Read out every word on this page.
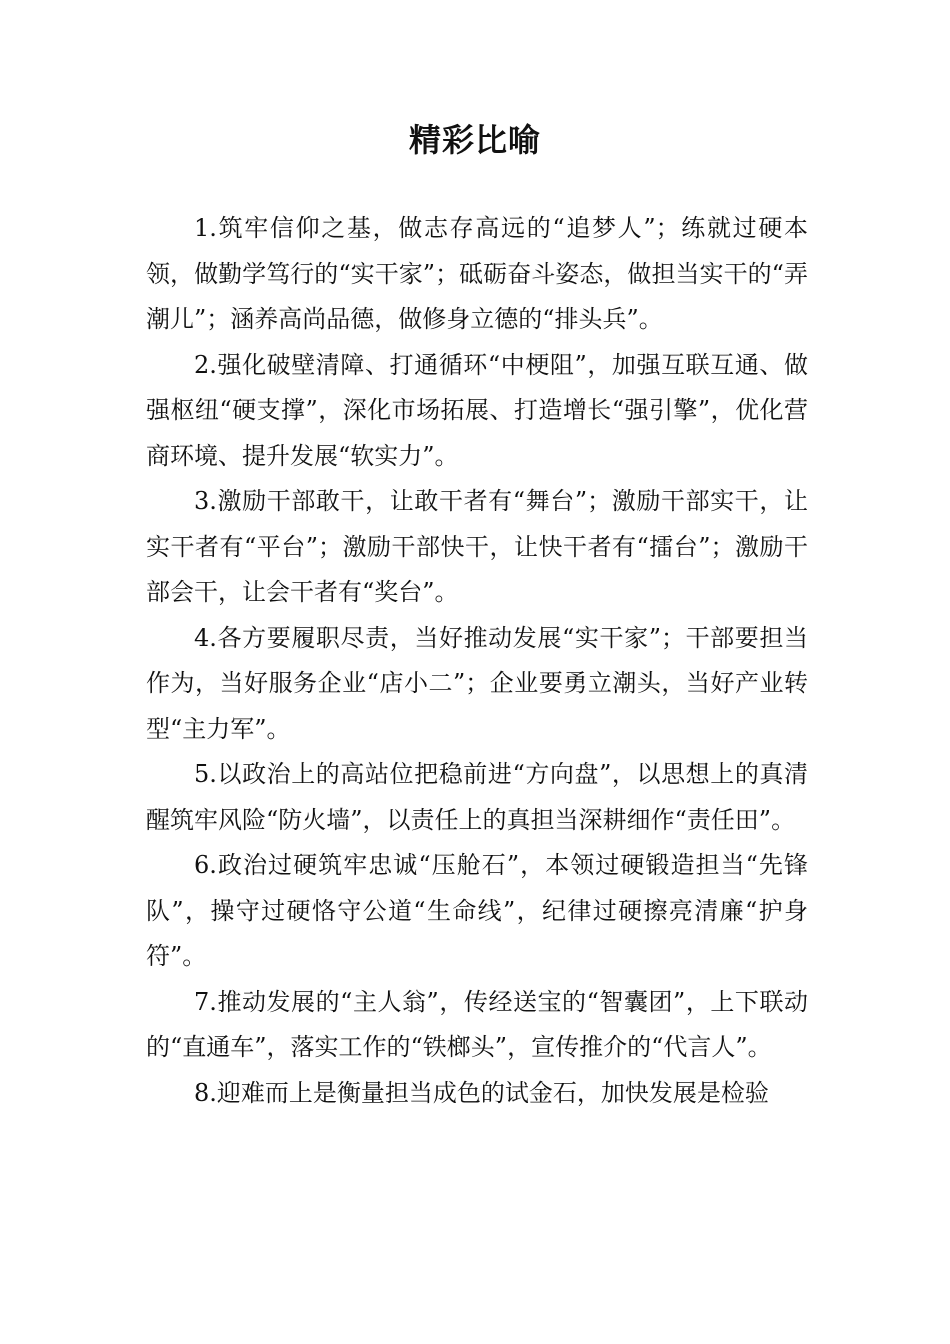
精彩比喻

1.筑牢信仰之基，做志存高远的“追梦人”；练就过硬本领，做勤学笃行的“实干家”；砥砺奋斗姿态，做担当实干的“弄潮儿”；涵养高尚品德，做修身立德的“排头兵”。

2.强化破壁清障、打通循环“中梗阻”，加强互联互通、做强枢纽“硬支撑”，深化市场拓展、打造增长“强引擎”，优化营商环境、提升发展“软实力”。

3.激励干部敢干，让敢干者有“舞台”；激励干部实干，让实干者有“平台”；激励干部快干，让快干者有“擂台”；激励干部会干，让会干者有“奖台”。

4.各方要履职尽责，当好推动发展“实干家”；干部要担当作为，当好服务企业“店小二”；企业要勇立潮头，当好产业转型“主力军”。

5.以政治上的高站位把稳前进“方向盘”，以思想上的真清醒筑牢风险“防火墙”，以责任上的真担当深耕细作“责任田”。

6.政治过硬筑牢忠诚“压舱石”，本领过硬锻造担当“先锋队”，操守过硬恪守公道“生命线”，纪律过硬擦亮清廉“护身符”。

7.推动发展的“主人翁”，传经送宝的“智囊团”，上下联动的“直通车”，落实工作的“铁榔头”，宣传推介的“代言人”。

8.迎难而上是衡量担当成色的试金石，加快发展是检验
